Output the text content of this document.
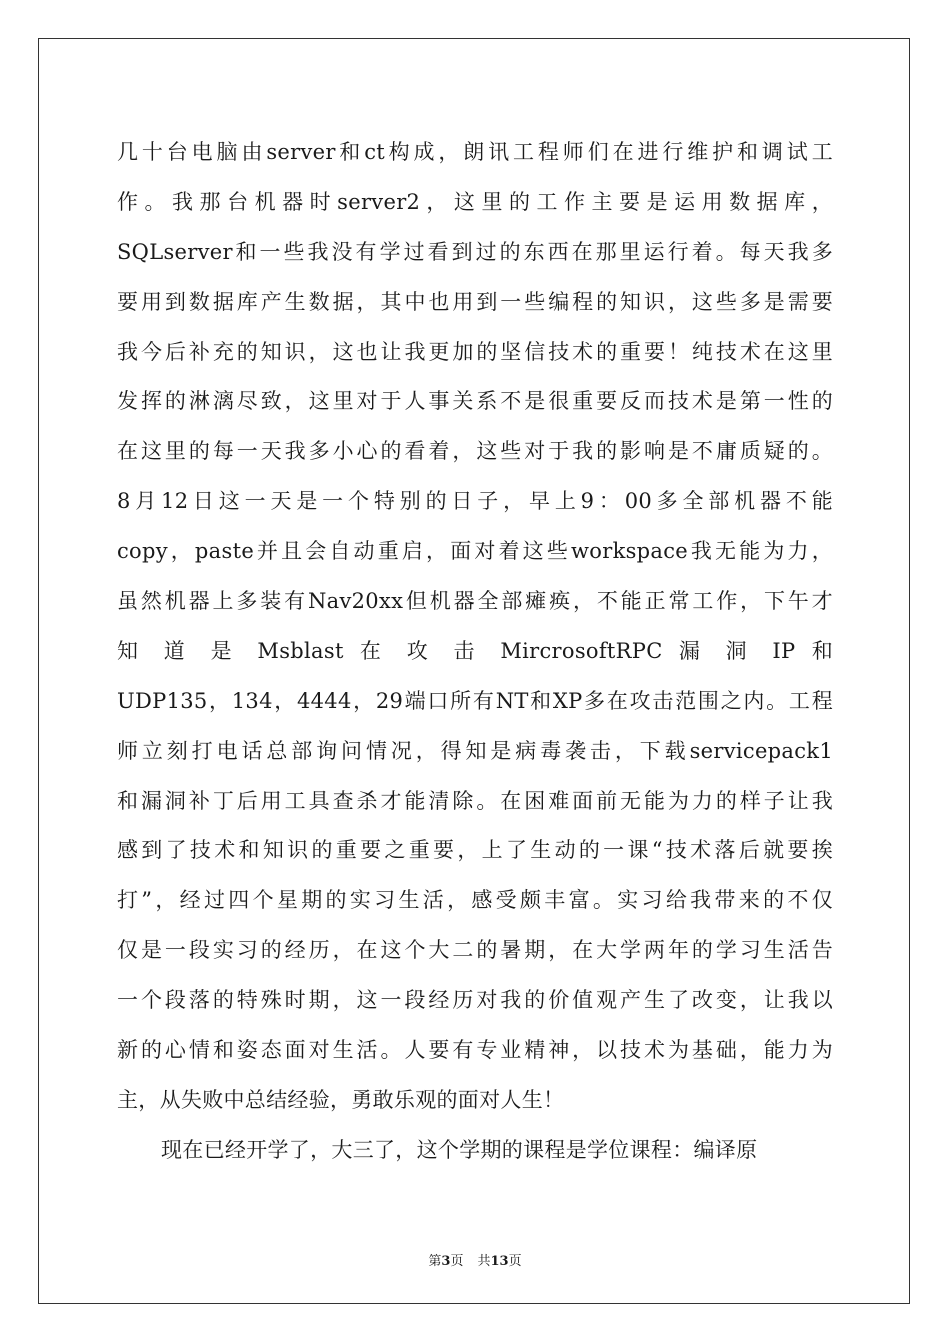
几十台电脑由server和ct构成，朗讯工程师们在进行维护和调试工
作。我那台机器时server2，这里的工作主要是运用数据库，
SQLserver和一些我没有学过看到过的东西在那里运行着。每天我多
要用到数据库产生数据，其中也用到一些编程的知识，这些多是需要
我今后补充的知识，这也让我更加的坚信技术的重要！纯技术在这里
发挥的淋漓尽致，这里对于人事关系不是很重要反而技术是第一性的
在这里的每一天我多小心的看着，这些对于我的影响是不庸质疑的。
8月12日这一天是一个特别的日子，早上9：00多全部机器不能
copy，paste并且会自动重启，面对着这些workspace我无能为力，
虽然机器上多装有Nav20xx但机器全部瘫痪，不能正常工作，下午才
知 道 是 Msblast 在 攻 击 MircrosoftRPC 漏 洞 IP 和
UDP135，134，4444，29端口所有NT和XP多在攻击范围之内。工程
师立刻打电话总部询问情况，得知是病毒袭击，下载servicepack1
和漏洞补丁后用工具查杀才能清除。在困难面前无能为力的样子让我
感到了技术和知识的重要之重要，上了生动的一课“技术落后就要挨
打”，经过四个星期的实习生活，感受颇丰富。实习给我带来的不仅
仅是一段实习的经历，在这个大二的暑期，在大学两年的学习生活告
一个段落的特殊时期，这一段经历对我的价值观产生了改变，让我以
新的心情和姿态面对生活。人要有专业精神，以技术为基础，能力为
主，从失败中总结经验，勇敢乐观的面对人生！
现在已经开学了，大三了，这个学期的课程是学位课程：编译原
第3页 共13页
